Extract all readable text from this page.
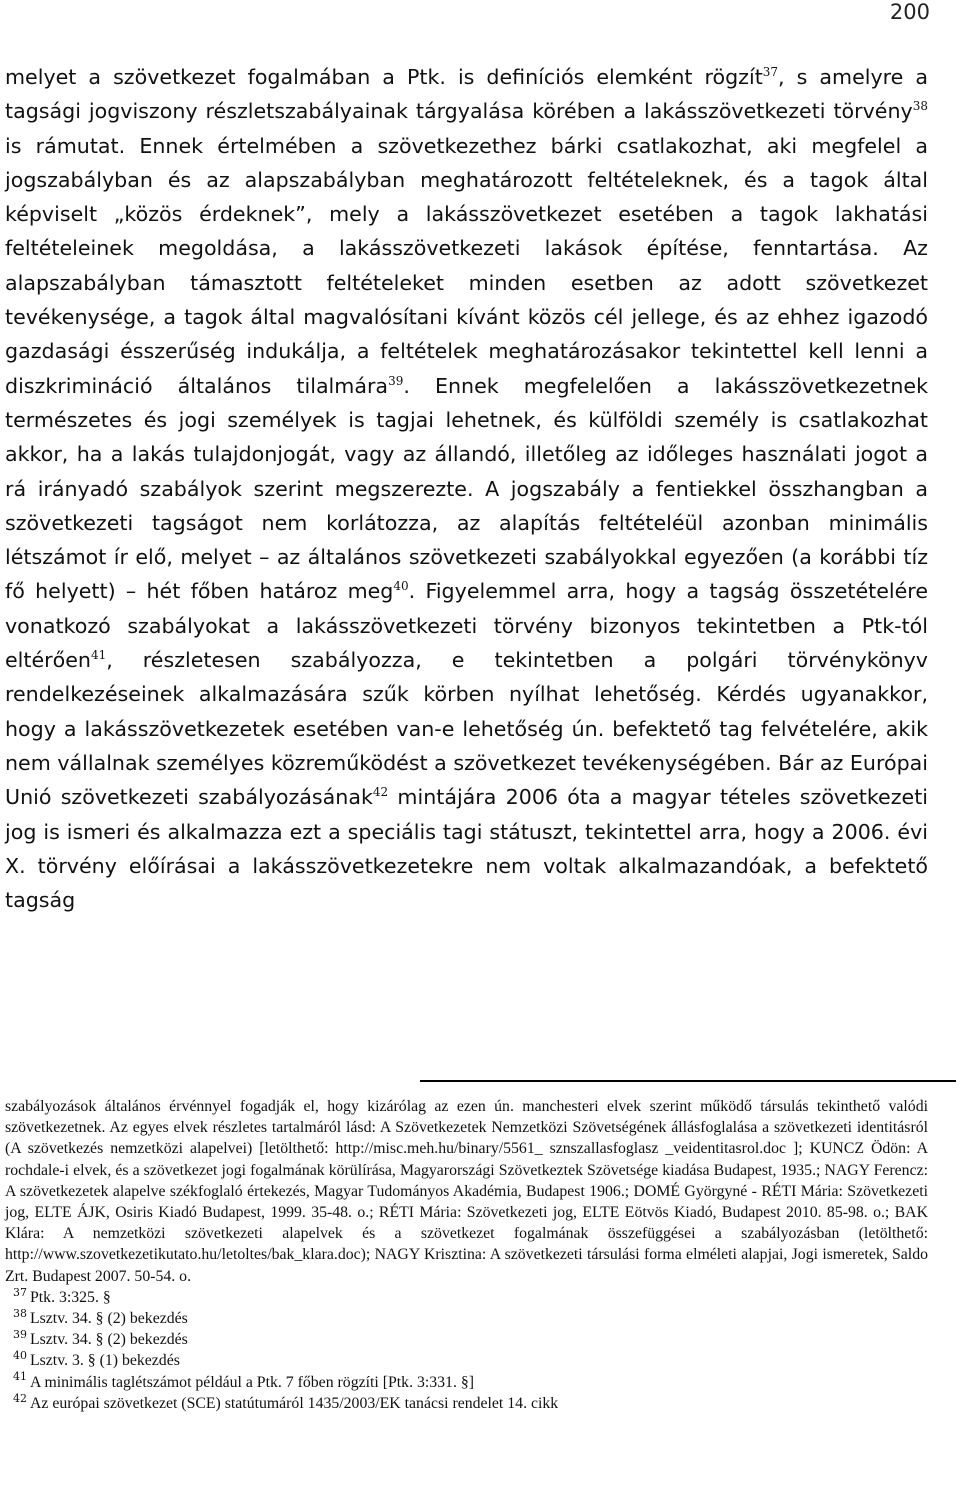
200
melyet a szövetkezet fogalmában a Ptk. is definíciós elemként rögzít$^{37}$, s amelyre a tagsági jogviszony részletszabályainak tárgyalása körében a lakásszövetkezeti törvény$^{38}$ is rámutat. Ennek értelmében a szövetkezethez bárki csatlakozhat, aki megfelel a jogszabályban és az alapszabályban meghatározott feltételeknek, és a tagok által képviselt „közös érdeknek”, mely a lakásszövetkezet esetében a tagok lakhatási feltételeinek megoldása, a lakásszövetkezeti lakások építése, fenntartása. Az alapszabályban támasztott feltételeket minden esetben az adott szövetkezet tevékenysége, a tagok által magvalósítani kívánt közös cél jellege, és az ehhez igazodó gazdasági ésszerűség indukálja, a feltételek meghatározásakor tekintettel kell lenni a diszkrimináció általános tilalmára$^{39}$. Ennek megfelelően a lakásszövetkezetnek természetes és jogi személyek is tagjai lehetnek, és külföldi személy is csatlakozhat akkor, ha a lakás tulajdonjogát, vagy az állandó, illetőleg az időleges használati jogot a rá irányadó szabályok szerint megszerezte. A jogszabály a fentiekkel összhangban a szövetkezeti tagságot nem korlátozza, az alapítás feltételéül azonban minimális létszámot ír elő, melyet – az általános szövetkezeti szabályokkal egyezően (a korábbi tíz fő helyett) – hét főben határoz meg$^{40}$. Figyelemmel arra, hogy a tagság összetételére vonatkozó szabályokat a lakásszövetkezeti törvény bizonyos tekintetben a Ptk-tól eltérően$^{41}$, részletesen szabályozza, e tekintetben a polgári törvénykönyv rendelkezéseinek alkalmazására szűk körben nyílhat lehetőség. Kérdés ugyanakkor, hogy a lakásszövetkezetek esetében van-e lehetőség ún. befektető tag felvételére, akik nem vállalnak személyes közreműködést a szövetkezet tevékenységében. Bár az Európai Unió szövetkezeti szabályozásának$^{42}$ mintájára 2006 óta a magyar tételes szövetkezeti jog is ismeri és alkalmazza ezt a speciális tagi státuszt, tekintettel arra, hogy a 2006. évi X. törvény előírásai a lakásszövetkezetekre nem voltak alkalmazandóak, a befektető tagság
szabályozások általános érvénnyel fogadják el, hogy kizárólag az ezen ún. manchesteri elvek szerint működő társulás tekinthető valódi szövetkezetnek. Az egyes elvek részletes tartalmáról lásd: A Szövetkezetek Nemzetközi Szövetségének állásfoglalása a szövetkezeti identitásról (A szövetkezés nemzetközi alapelvei) [letölthető: http://misc.meh.hu/binary/5561_ sznszallasfoglasz _veidentitasrol.doc ]; KUNCZ Ödön: A rochdale-i elvek, és a szövetkezet jogi fogalmának körülírása, Magyarországi Szövetkeztek Szövetsége kiadása Budapest, 1935.; NAGY Ferencz: A szövetkezetek alapelve székfoglaló értekezés, Magyar Tudományos Akadémia, Budapest 1906.; DOMÉ Györgyné - RÉTI Mária: Szövetkezeti jog, ELTE ÁJK, Osiris Kiadó Budapest, 1999. 35-48. o.; RÉTI Mária: Szövetkezeti jog, ELTE Eötvös Kiadó, Budapest 2010. 85-98. o.; BAK Klára: A nemzetközi szövetkezeti alapelvek és a szövetkezet fogalmának összefüggései a szabályozásban (letölthető: http://www.szovetkezetikutato.hu/letoltes/bak_klara.doc); NAGY Krisztina: A szövetkezeti társulási forma elméleti alapjai, Jogi ismeretek, Saldo Zrt. Budapest 2007. 50-54. o.

$^{37}$ Ptk. 3:325. §

$^{38}$ Lsztv. 34. § (2) bekezdés

$^{39}$ Lsztv. 34. § (2) bekezdés

$^{40}$ Lsztv. 3. § (1) bekezdés

$^{41}$ A minimális taglétszámot például a Ptk. 7 főben rögzíti [Ptk. 3:331. §]

$^{42}$ Az európai szövetkezet (SCE) statútumáról 1435/2003/EK tanácsi rendelet 14. cikk
